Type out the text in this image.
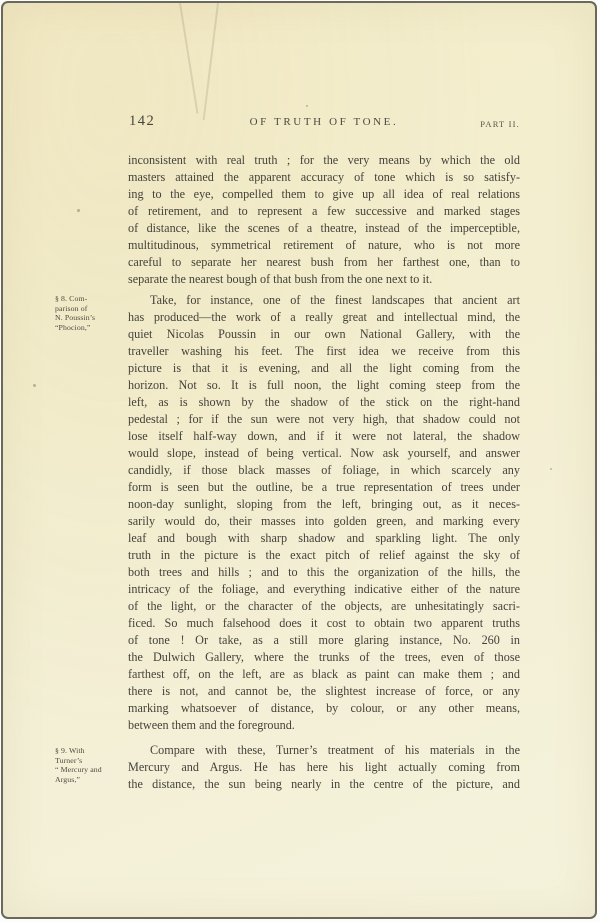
142	OF TRUTH OF TONE.	PART II.
§ 8. Com-
parison of
N. Poussin’s
“Phocion,”
§ 9. With
Turner’s
“ Mercury and
Argus,”
inconsistent with real truth ; for the very means by which the old
masters attained the apparent accuracy of tone which is so satisfy-
ing to the eye, compelled them to give up all idea of real relations
of retirement, and to represent a few successive and marked stages
of distance, like the scenes of a theatre, instead of the imperceptible,
multitudinous, symmetrical retirement of nature, who is not more
careful to separate her nearest bush from her farthest one, than to
separate the nearest bough of that bush from the one next to it.
Take, for instance, one of the finest landscapes that ancient art
has produced—the work of a really great and intellectual mind, the
quiet Nicolas Poussin in our own National Gallery, with the
traveller washing his feet. The first idea we receive from this
picture is that it is evening, and all the light coming from the
horizon. Not so. It is full noon, the light coming steep from the
left, as is shown by the shadow of the stick on the right-hand
pedestal ; for if the sun were not very high, that shadow could not
lose itself half-way down, and if it were not lateral, the shadow
would slope, instead of being vertical. Now ask yourself, and answer
candidly, if those black masses of foliage, in which scarcely any
form is seen but the outline, be a true representation of trees under
noon-day sunlight, sloping from the left, bringing out, as it neces-
sarily would do, their masses into golden green, and marking every
leaf and bough with sharp shadow and sparkling light. The only
truth in the picture is the exact pitch of relief against the sky of
both trees and hills ; and to this the organization of the hills, the
intricacy of the foliage, and everything indicative either of the nature
of the light, or the character of the objects, are unhesitatingly sacri-
ficed. So much falsehood does it cost to obtain two apparent truths
of tone ! Or take, as a still more glaring instance, No. 260 in
the Dulwich Gallery, where the trunks of the trees, even of those
farthest off, on the left, are as black as paint can make them ; and
there is not, and cannot be, the slightest increase of force, or any
marking whatsoever of distance, by colour, or any other means,
between them and the foreground.
Compare with these, Turner’s treatment of his materials in the
Mercury and Argus. He has here his light actually coming from
the distance, the sun being nearly in the centre of the picture, and
